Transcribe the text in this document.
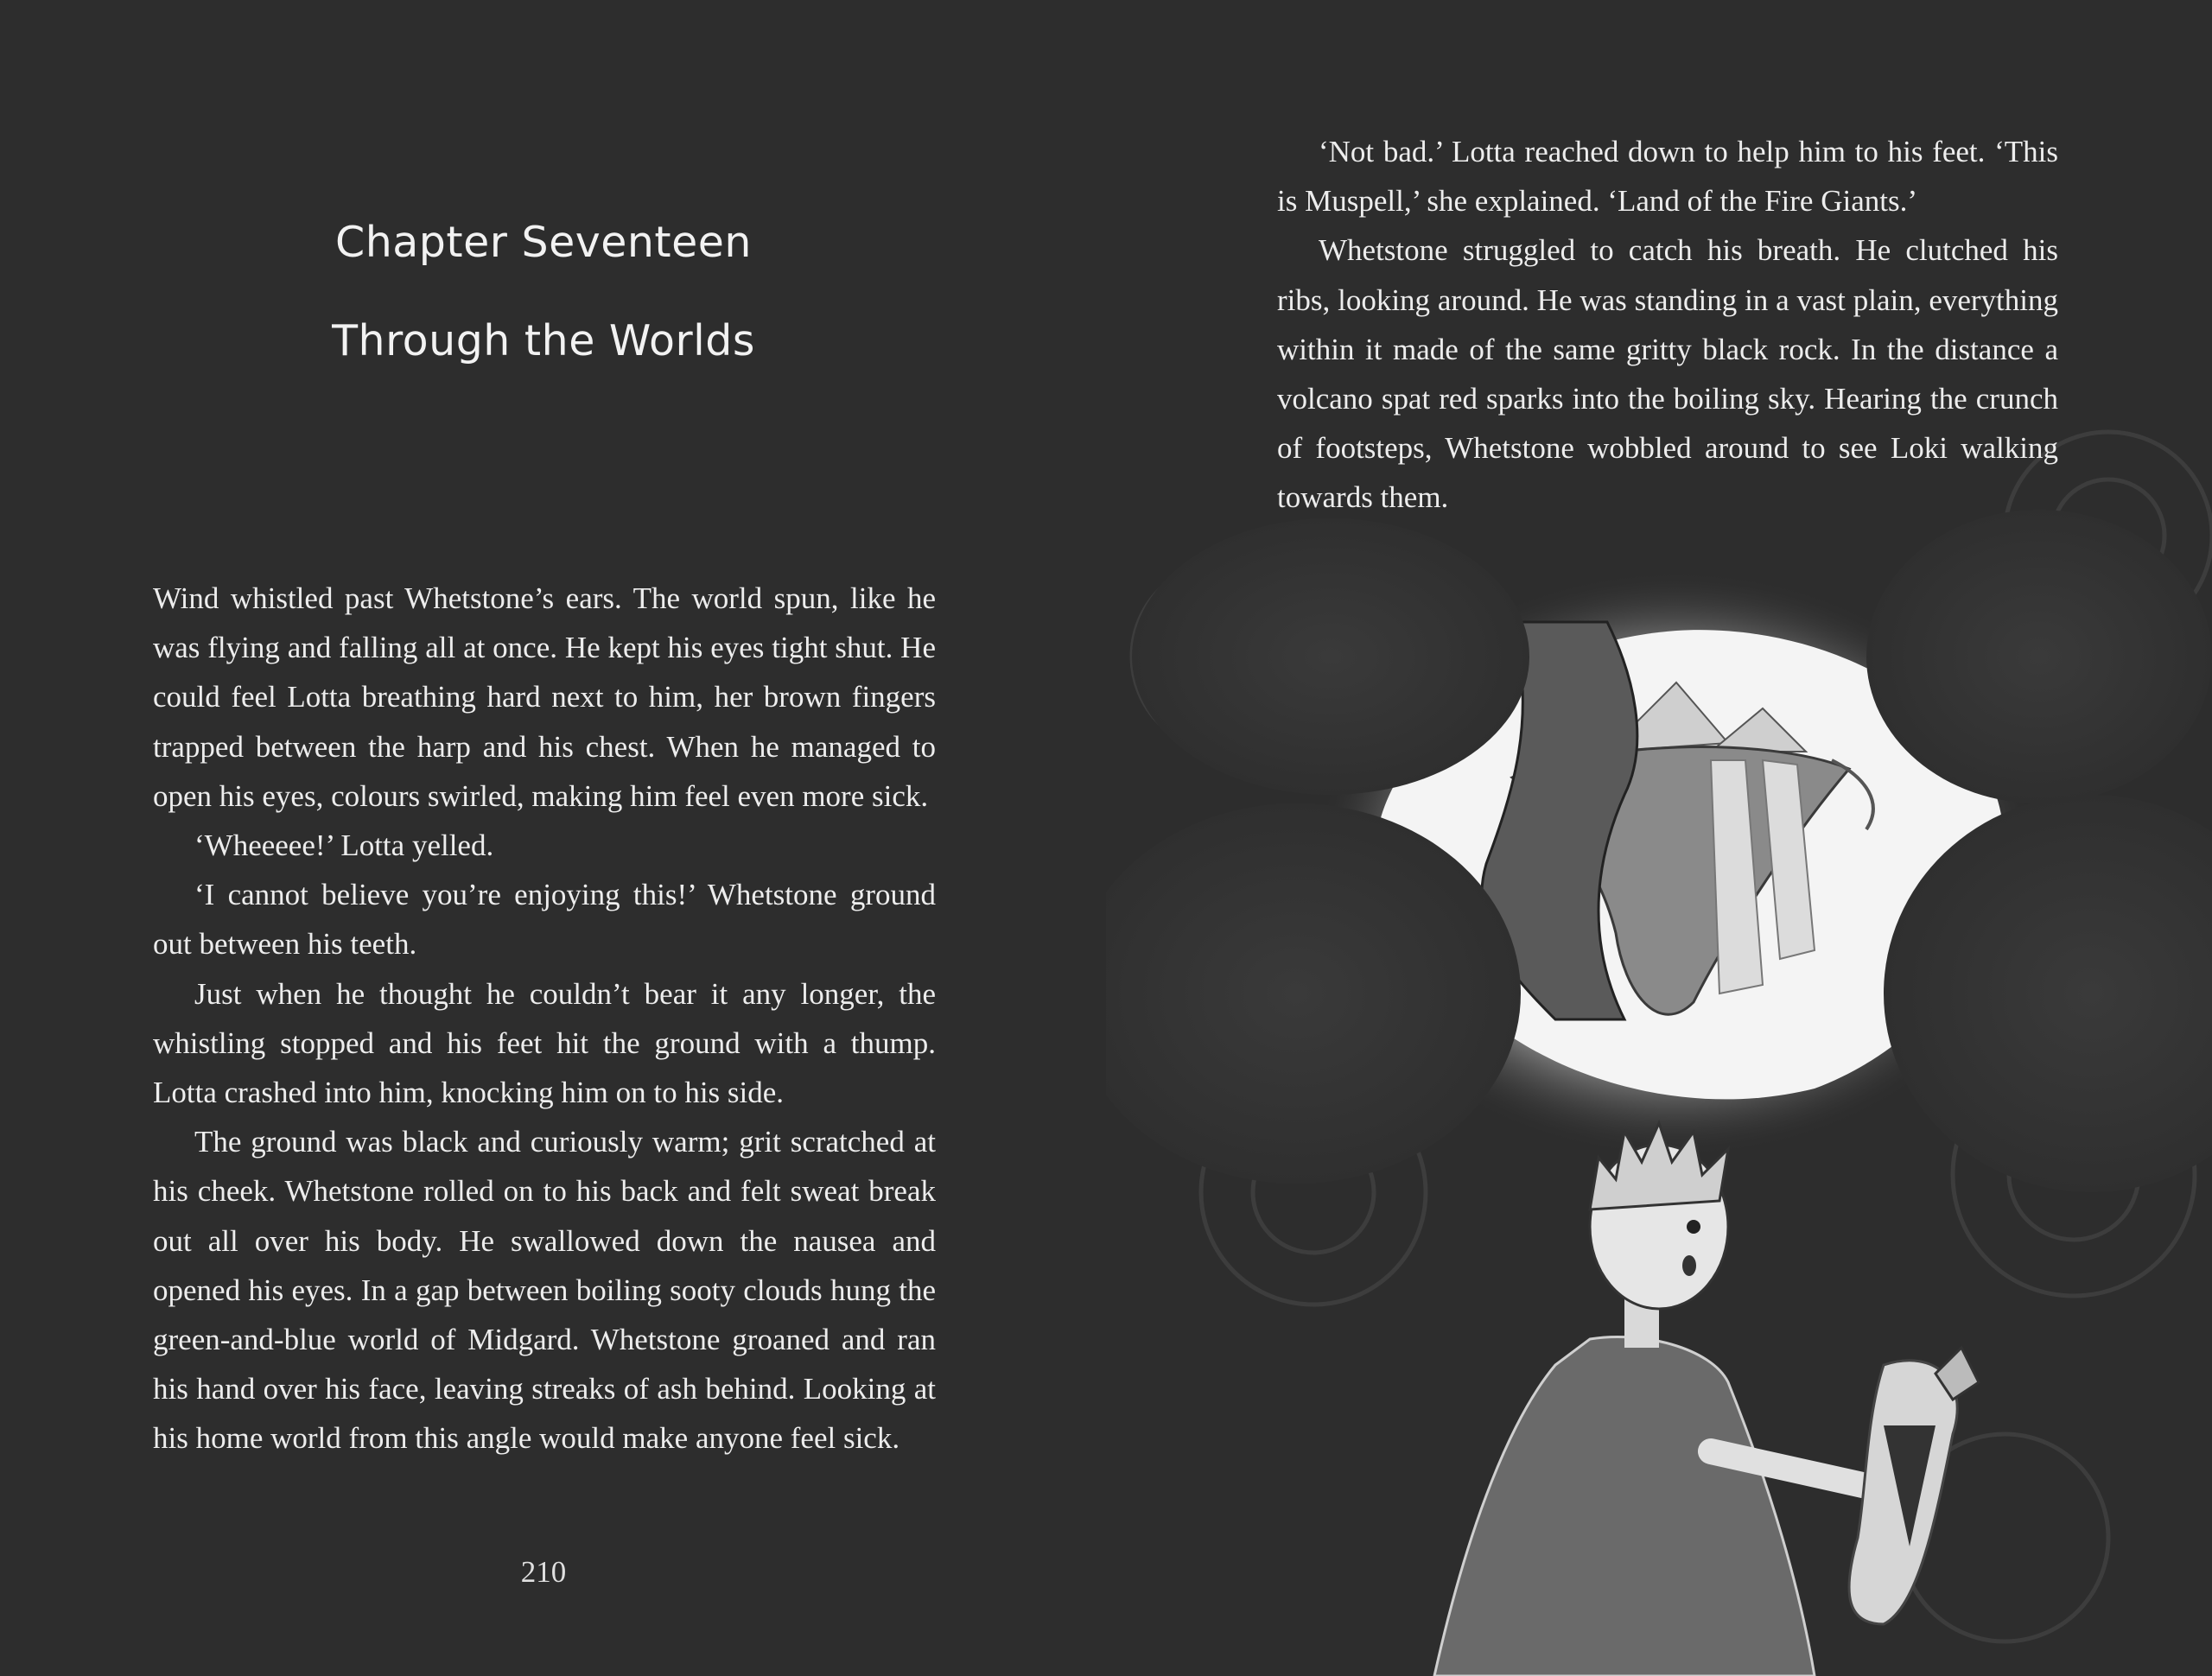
Chapter Seventeen
Through the Worlds

Wind whistled past Whetstone’s ears. The world spun, like he was flying and falling all at once. He kept his eyes tight shut. He could feel Lotta breathing hard next to him, her brown fingers trapped between the harp and his chest. When he managed to open his eyes, colours swirled, making him feel even more sick.

‘Wheeeee!’ Lotta yelled.

‘I cannot believe you’re enjoying this!’ Whetstone ground out between his teeth.

Just when he thought he couldn’t bear it any longer, the whistling stopped and his feet hit the ground with a thump. Lotta crashed into him, knocking him on to his side.

The ground was black and curiously warm; grit scratched at his cheek. Whetstone rolled on to his back and felt sweat break out all over his body. He swallowed down the nausea and opened his eyes. In a gap between boiling sooty clouds hung the green-and-blue world of Midgard. Whetstone groaned and ran his hand over his face, leaving streaks of ash behind. Looking at his home world from this angle would make anyone feel sick.

210

‘Not bad.’ Lotta reached down to help him to his feet. ‘This is Muspell,’ she explained. ‘Land of the Fire Giants.’

Whetstone struggled to catch his breath. He clutched his ribs, looking around. He was standing in a vast plain, everything within it made of the same gritty black rock. In the distance a volcano spat red sparks into the boiling sky. Hearing the crunch of footsteps, Whetstone wobbled around to see Loki walking towards them.
